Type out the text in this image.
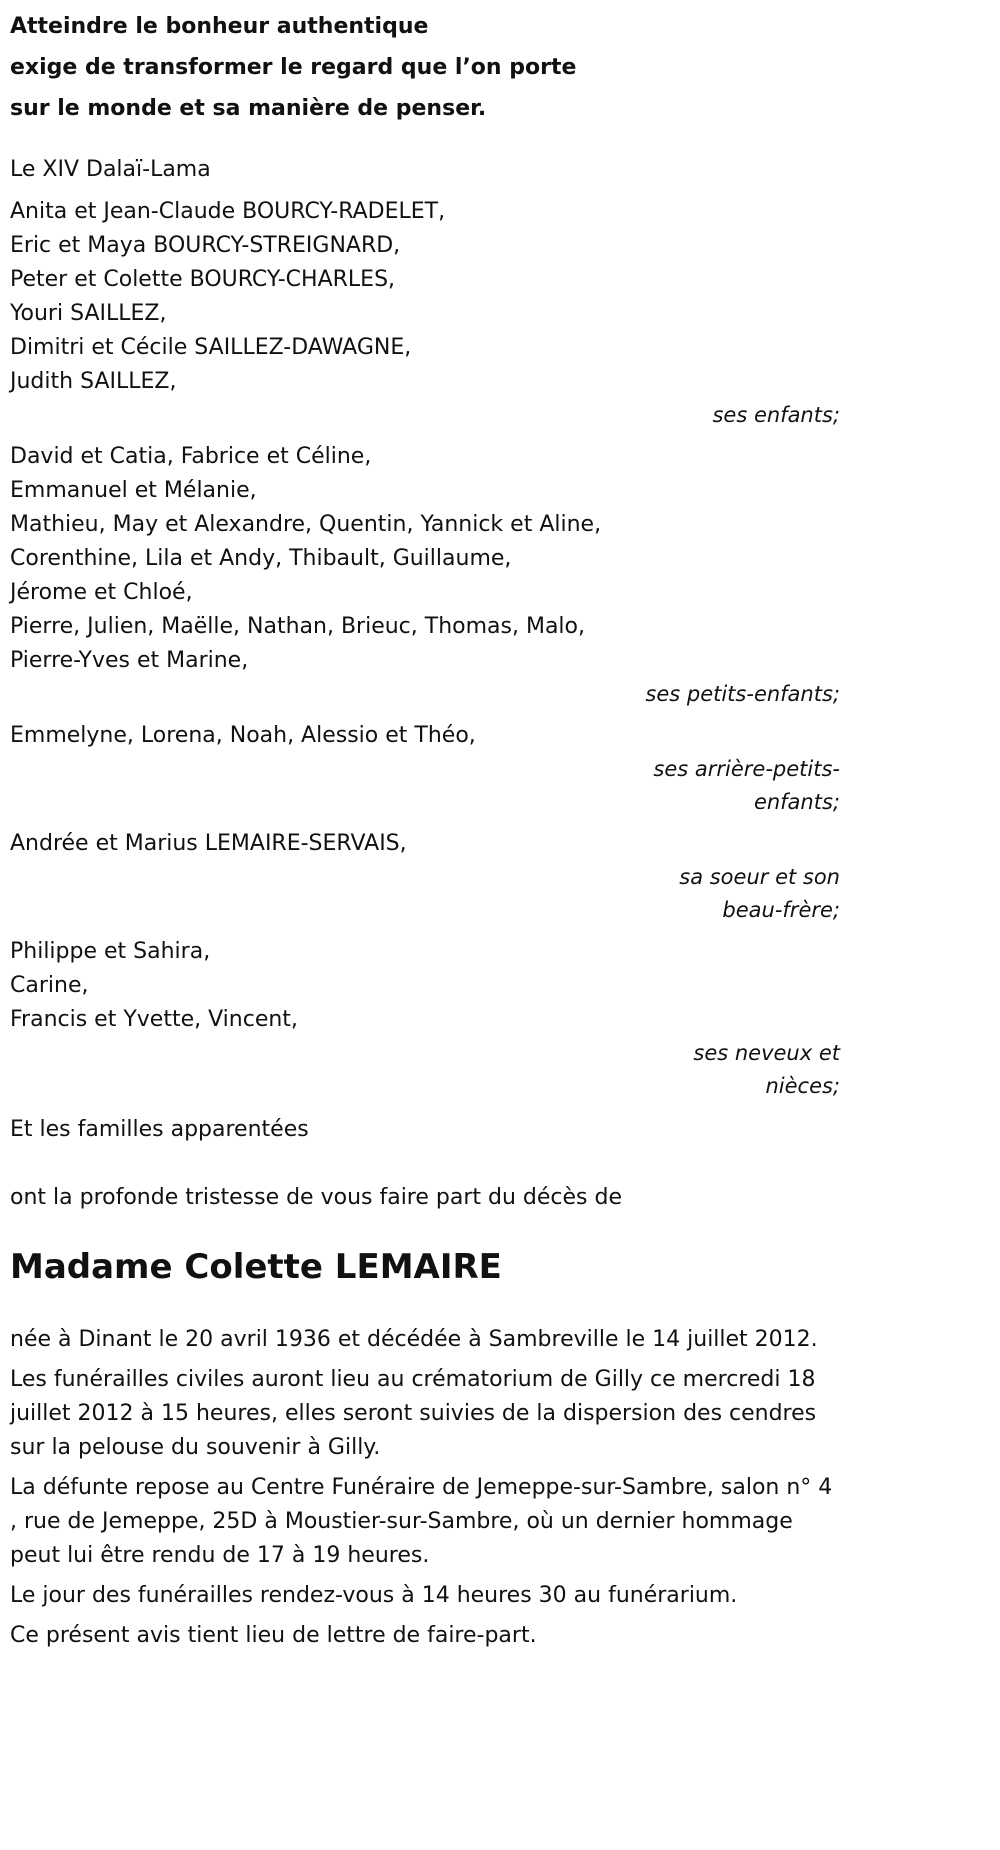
Atteindre le bonheur authentique

exige de transformer le regard que l’on porte

sur le monde et sa manière de penser.

Le XIV Dalaï-Lama
Anita et Jean-Claude BOURCY-RADELET,
Eric et Maya BOURCY-STREIGNARD,
Peter et Colette BOURCY-CHARLES,
Youri SAILLEZ,
Dimitri et Cécile SAILLEZ-DAWAGNE,
Judith SAILLEZ,
ses enfants;
David et Catia, Fabrice et Céline,
Emmanuel et Mélanie,
Mathieu, May et Alexandre, Quentin, Yannick et Aline,
Corenthine, Lila et Andy, Thibault, Guillaume,
Jérome et Chloé,
Pierre, Julien, Maëlle, Nathan, Brieuc, Thomas, Malo,
Pierre-Yves et Marine,
ses petits-enfants;
Emmelyne, Lorena, Noah, Alessio et Théo,
ses arrière-petits-enfants;
Andrée et Marius LEMAIRE-SERVAIS,
sa soeur et son beau-frère;
Philippe et Sahira,
Carine,
Francis et Yvette, Vincent,
ses neveux et nièces;
Et les familles apparentées
ont la profonde tristesse de vous faire part du décès de
Madame Colette LEMAIRE

née à Dinant le 20 avril 1936 et décédée à Sambreville le 14 juillet 2012.

Les funérailles civiles auront lieu au crématorium de Gilly ce mercredi 18 juillet 2012 à 15 heures, elles seront suivies de la dispersion des cendres sur la pelouse du souvenir à Gilly.

La défunte repose au Centre Funéraire de Jemeppe-sur-Sambre, salon n° 4 , rue de Jemeppe, 25D à Moustier-sur-Sambre, où un dernier hommage peut lui être rendu de 17 à 19 heures.

Le jour des funérailles rendez-vous à 14 heures 30 au funérarium.

Ce présent avis tient lieu de lettre de faire-part.
